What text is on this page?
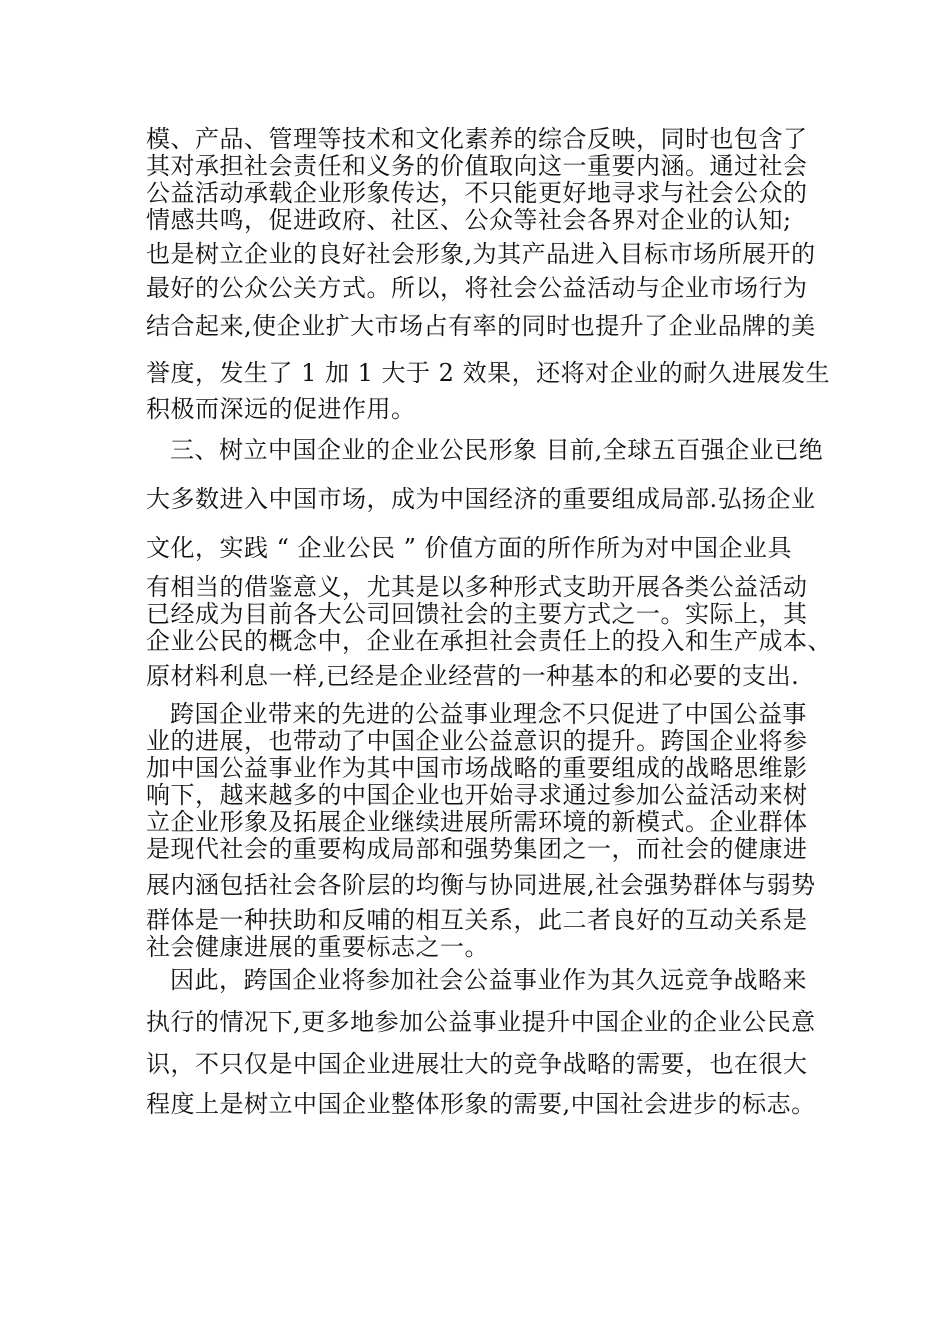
模、产品、管理等技术和文化素养的综合反映，同时也包含了
其对承担社会责任和义务的价值取向这一重要内涵。通过社会
公益活动承载企业形象传达，不只能更好地寻求与社会公众的
情感共鸣，促进政府、社区、公众等社会各界对企业的认知;
也是树立企业的良好社会形象,为其产品进入目标市场所展开的
最好的公众公关方式。所以，将社会公益活动与企业市场行为
结合起来,使企业扩大市场占有率的同时也提升了企业品牌的美
誉度，发生了 1 加 1 大于 2 效果，还将对企业的耐久进展发生
积极而深远的促进作用。
三、树立中国企业的企业公民形象 目前,全球五百强企业已绝
大多数进入中国市场，成为中国经济的重要组成局部.弘扬企业
文化，实践 “ 企业公民 ” 价值方面的所作所为对中国企业具
有相当的借鉴意义，尤其是以多种形式支助开展各类公益活动
已经成为目前各大公司回馈社会的主要方式之一。实际上，其
企业公民的概念中，企业在承担社会责任上的投入和生产成本、
原材料利息一样,已经是企业经营的一种基本的和必要的支出.
跨国企业带来的先进的公益事业理念不只促进了中国公益事
业的进展，也带动了中国企业公益意识的提升。跨国企业将参
加中国公益事业作为其中国市场战略的重要组成的战略思维影
响下，越来越多的中国企业也开始寻求通过参加公益活动来树
立企业形象及拓展企业继续进展所需环境的新模式。企业群体
是现代社会的重要构成局部和强势集团之一，而社会的健康进
展内涵包括社会各阶层的均衡与协同进展,社会强势群体与弱势
群体是一种扶助和反哺的相互关系，此二者良好的互动关系是
社会健康进展的重要标志之一。
因此，跨国企业将参加社会公益事业作为其久远竞争战略来
执行的情况下,更多地参加公益事业提升中国企业的企业公民意
识，不只仅是中国企业进展壮大的竞争战略的需要，也在很大
程度上是树立中国企业整体形象的需要,中国社会进步的标志。
